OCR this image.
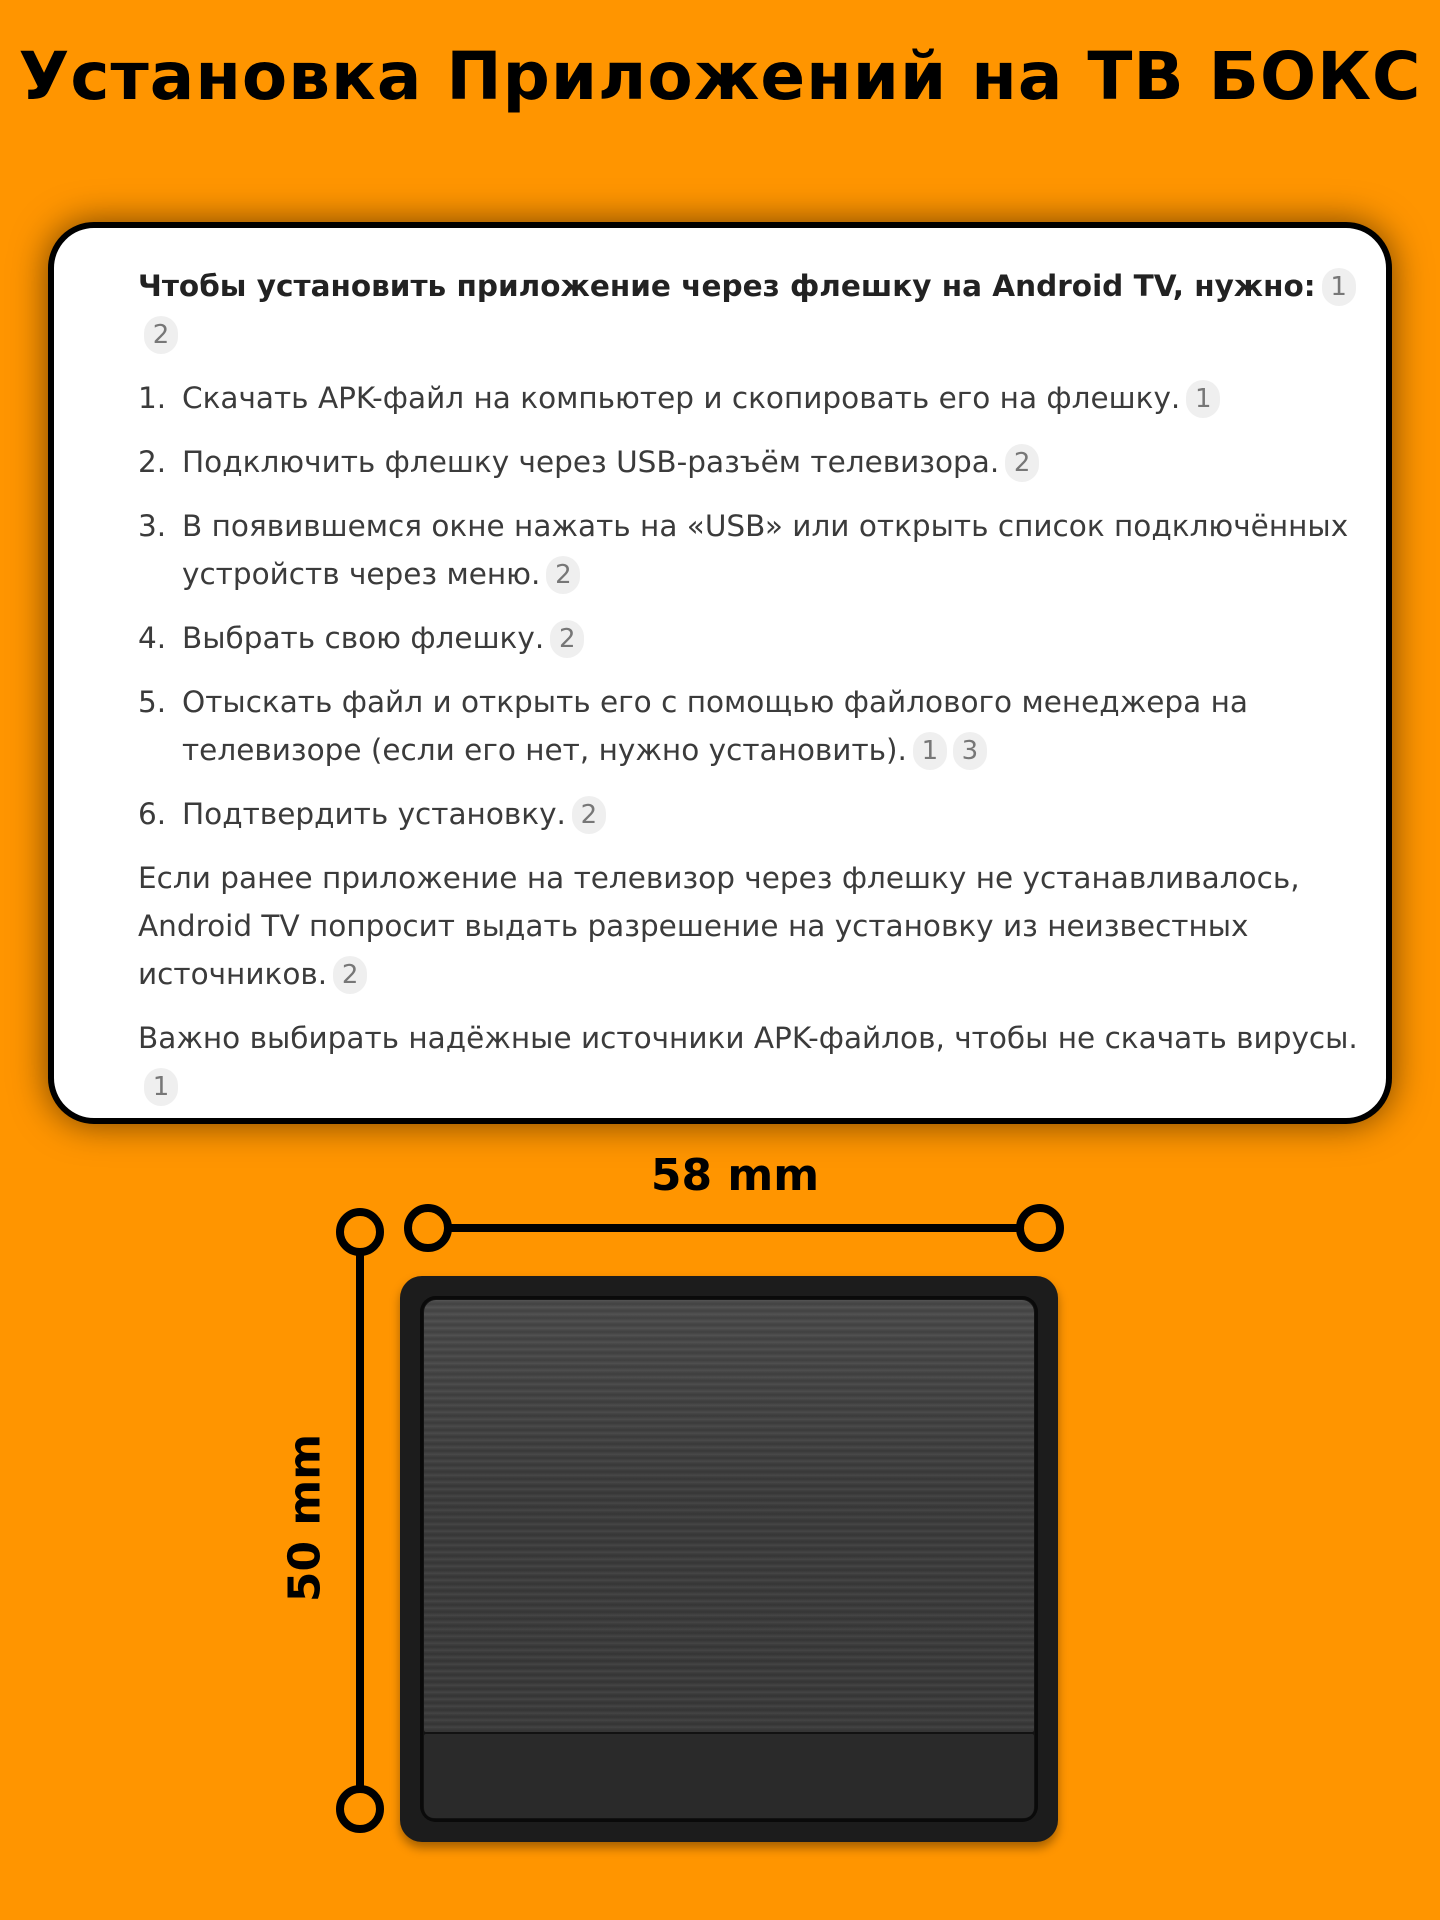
Установка Приложений на ТВ БОКС

Чтобы установить приложение через флешку на Android TV, нужно: 12

1. Скачать APK-файл на компьютер и скопировать его на флешку. 1
2. Подключить флешку через USB-разъём телевизора. 2
3. В появившемся окне нажать на «USB» или открыть список подключённых устройств через меню. 2
4. Выбрать свою флешку. 2
5. Отыскать файл и открыть его с помощью файлового менеджера на телевизоре (если его нет, нужно установить). 1 3
6. Подтвердить установку. 2

Если ранее приложение на телевизор через флешку не устанавливалось, Android TV попросит выдать разрешение на установку из неизвестных источников. 2

Важно выбирать надёжные источники APK-файлов, чтобы не скачать вирусы.1

58 mm
50 mm
